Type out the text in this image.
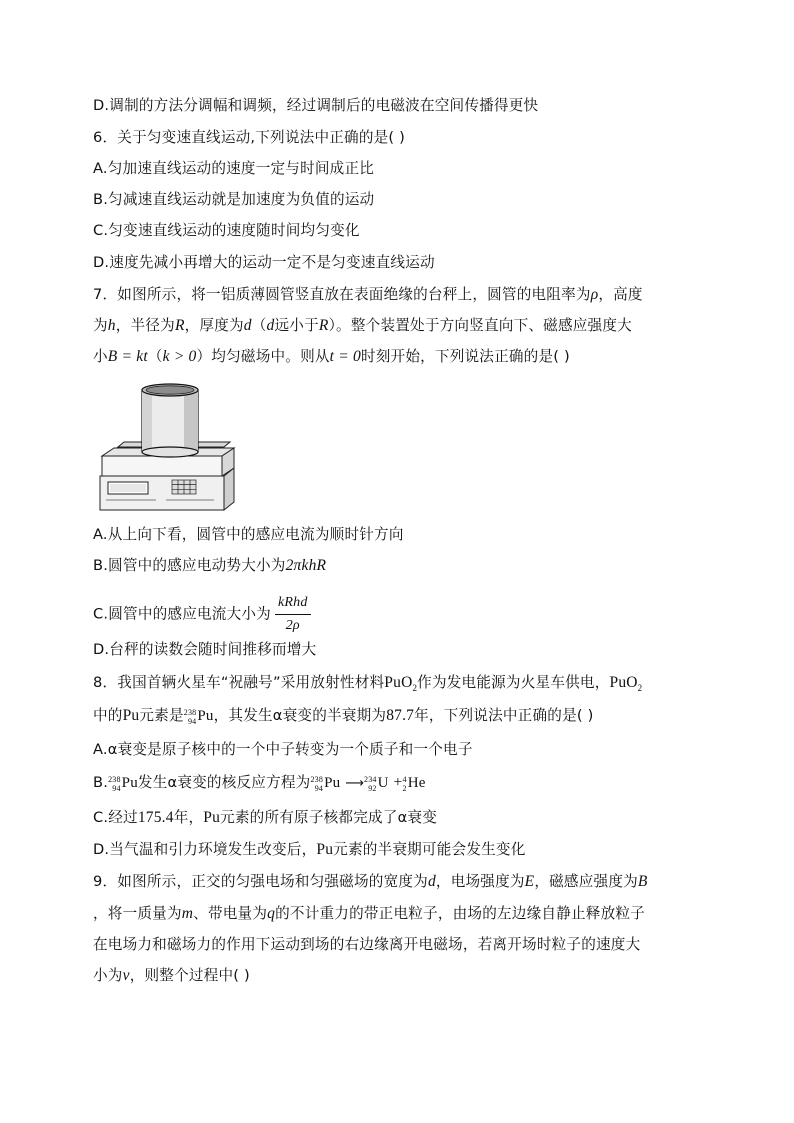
D.调制的方法分调幅和调频，经过调制后的电磁波在空间传播得更快
6．关于匀变速直线运动,下列说法中正确的是( )
A.匀加速直线运动的速度一定与时间成正比
B.匀减速直线运动就是加速度为负值的运动
C.匀变速直线运动的速度随时间均匀变化
D.速度先减小再增大的运动一定不是匀变速直线运动
7．如图所示，将一铝质薄圆管竖直放在表面绝缘的台秤上，圆管的电阻率为ρ，高度
为h，半径为R，厚度为d（d远小于R）。整个装置处于方向竖直向下、磁感应强度大
小B = kt（k > 0）均匀磁场中。则从t = 0时刻开始，下列说法正确的是( )
A.从上向下看，圆管中的感应电流为顺时针方向
B.圆管中的感应电动势大小为2πkhR
C.圆管中的感应电流大小为 $\frac{\text{kRhd}}{2\rho}$
D.台秤的读数会随时间推移而增大
8．我国首辆火星车“祝融号”采用放射性材料PuO$_2$作为发电能源为火星车供电，PuO$_2$
中的Pu元素是 238
94 Pu，其发生α衰变的半衰期为87.7年，下列说法中正确的是( )
A.α衰变是原子核中的一个中子转变为一个质子和一个电子
B. 238
94 Pu发生α衰变的核反应方程为 238
94 Pu ⟶ 234
92 U + 4
2 He
C.经过175.4年，Pu元素的所有原子核都完成了α衰变
D.当气温和引力环境发生改变后，Pu元素的半衰期可能会发生变化
9．如图所示，正交的匀强电场和匀强磁场的宽度为d，电场强度为E，磁感应强度为B
，将一质量为m、带电量为q的不计重力的带正电粒子，由场的左边缘自静止释放粒子
在电场力和磁场力的作用下运动到场的右边缘离开电磁场，若离开场时粒子的速度大
小为v，则整个过程中( )
